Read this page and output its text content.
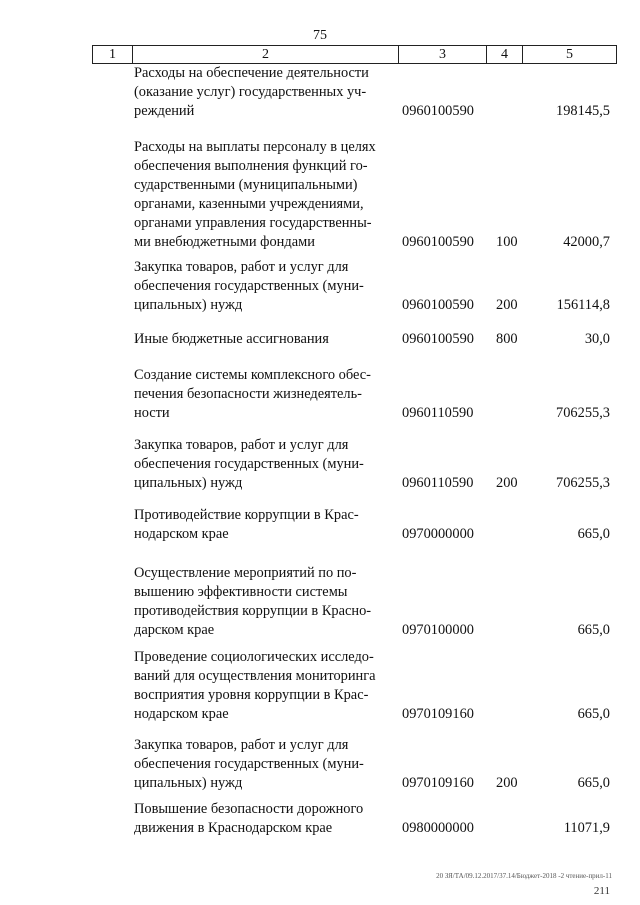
75
1	2	3	4	5
Расходы на обеспечение деятельности
(оказание услуг) государственных уч-
реждений	0960100590	198145,5
Расходы на выплаты персоналу в целях
обеспечения выполнения функций го-
сударственными (муниципальными)
органами, казенными учреждениями,
органами управления государственны-
ми внебюджетными фондами	0960100590 100	42000,7
Закупка товаров, работ и услуг для
обеспечения государственных (муни-
ципальных) нужд	0960100590 200	156114,8
Иные бюджетные ассигнования	0960100590 800	30,0
Создание системы комплексного обес-
печения безопасности жизнедеятель-
ности	0960110590	706255,3
Закупка товаров, работ и услуг для
обеспечения государственных (муни-
ципальных) нужд	0960110590 200	706255,3
Противодействие коррупции в Крас-
нодарском крае	0970000000	665,0
Осуществление мероприятий по по-
вышению эффективности системы
противодействия коррупции в Красно-
дарском крае	0970100000	665,0
Проведение социологических исследо-
ваний для осуществления мониторинга
восприятия уровня коррупции в Крас-
нодарском крае	0970109160	665,0
Закупка товаров, работ и услуг для
обеспечения государственных (муни-
ципальных) нужд	0970109160 200	665,0
Повышение безопасности дорожного
движения в Краснодарском крае	0980000000	11071,9
20 ЗЯ/ТА/09.12.2017/37.14/Бюджет-2018 -2 чтение-прил-11
211
